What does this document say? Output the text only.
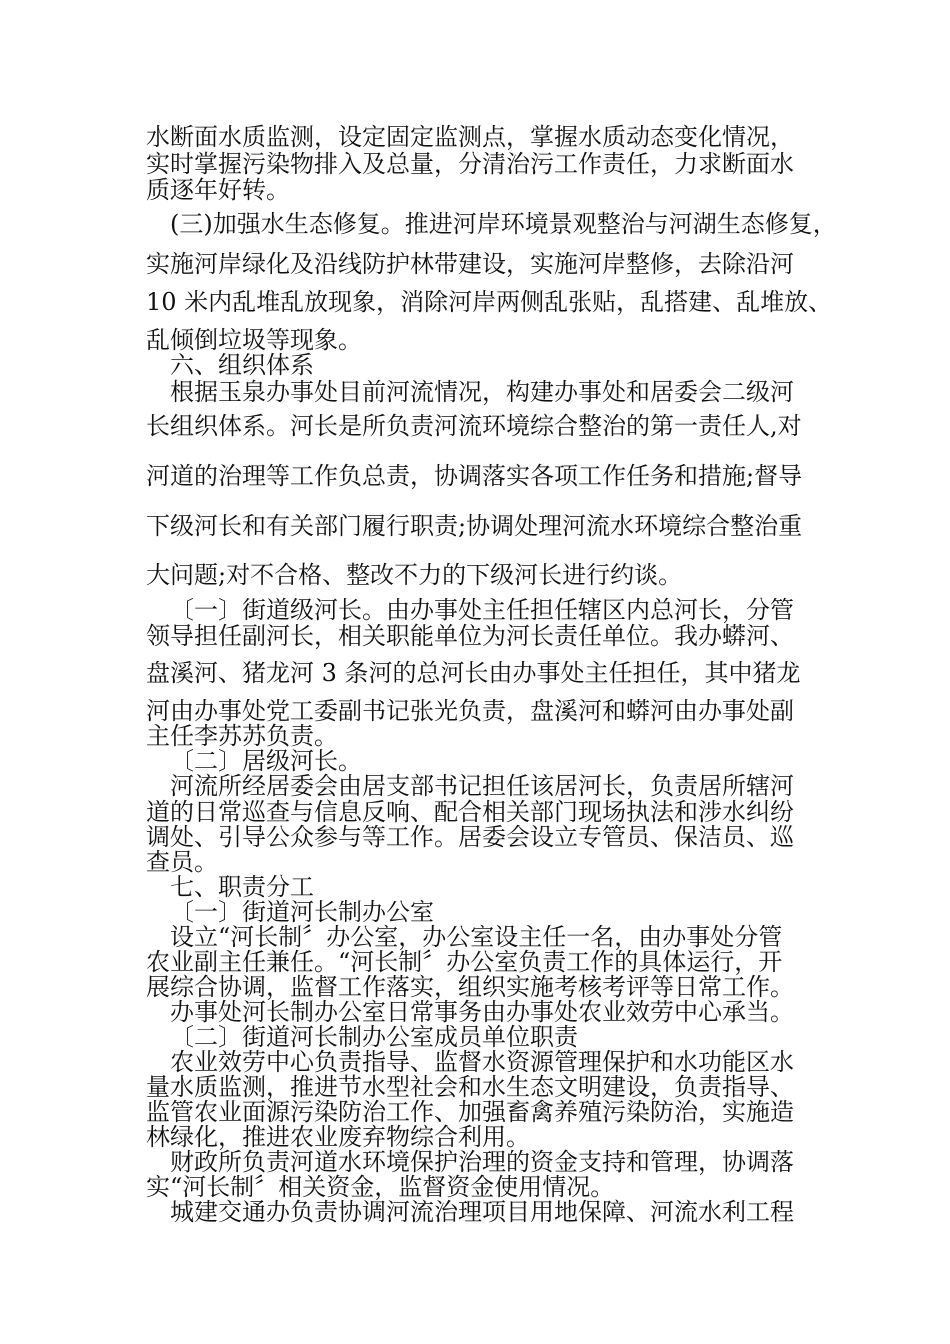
水断面水质监测，设定固定监测点，掌握水质动态变化情况，
实时掌握污染物排入及总量，分清治污工作责任，力求断面水
质逐年好转。
(三)加强水生态修复。推进河岸环境景观整治与河湖生态修复，
实施河岸绿化及沿线防护林带建设，实施河岸整修，去除沿河
10 米内乱堆乱放现象，消除河岸两侧乱张贴，乱搭建、乱堆放、
乱倾倒垃圾等现象。
六、组织体系
根据玉泉办事处目前河流情况，构建办事处和居委会二级河
长组织体系。河长是所负责河流环境综合整治的第一责任人,对
河道的治理等工作负总责，协调落实各项工作任务和措施;督导
下级河长和有关部门履行职责;协调处理河流水环境综合整治重
大问题;对不合格、整改不力的下级河长进行约谈。
〔一〕街道级河长。由办事处主任担任辖区内总河长，分管
领导担任副河长，相关职能单位为河长责任单位。我办蟒河、
盘溪河、猪龙河 3 条河的总河长由办事处主任担任，其中猪龙
河由办事处党工委副书记张光负责，盘溪河和蟒河由办事处副
主任李苏苏负责。
〔二〕居级河长。
河流所经居委会由居支部书记担任该居河长，负责居所辖河
道的日常巡查与信息反响、配合相关部门现场执法和涉水纠纷
调处、引导公众参与等工作。居委会设立专管员、保洁员、巡
查员。
七、职责分工
〔一〕街道河长制办公室
设立“河长制〞办公室，办公室设主任一名，由办事处分管
农业副主任兼任。“河长制〞办公室负责工作的具体运行，开
展综合协调，监督工作落实，组织实施考核考评等日常工作。
办事处河长制办公室日常事务由办事处农业效劳中心承当。
〔二〕街道河长制办公室成员单位职责
农业效劳中心负责指导、监督水资源管理保护和水功能区水
量水质监测，推进节水型社会和水生态文明建设，负责指导、
监管农业面源污染防治工作、加强畜禽养殖污染防治，实施造
林绿化，推进农业废弃物综合利用。
财政所负责河道水环境保护治理的资金支持和管理，协调落
实“河长制〞相关资金，监督资金使用情况。
城建交通办负责协调河流治理项目用地保障、河流水利工程
